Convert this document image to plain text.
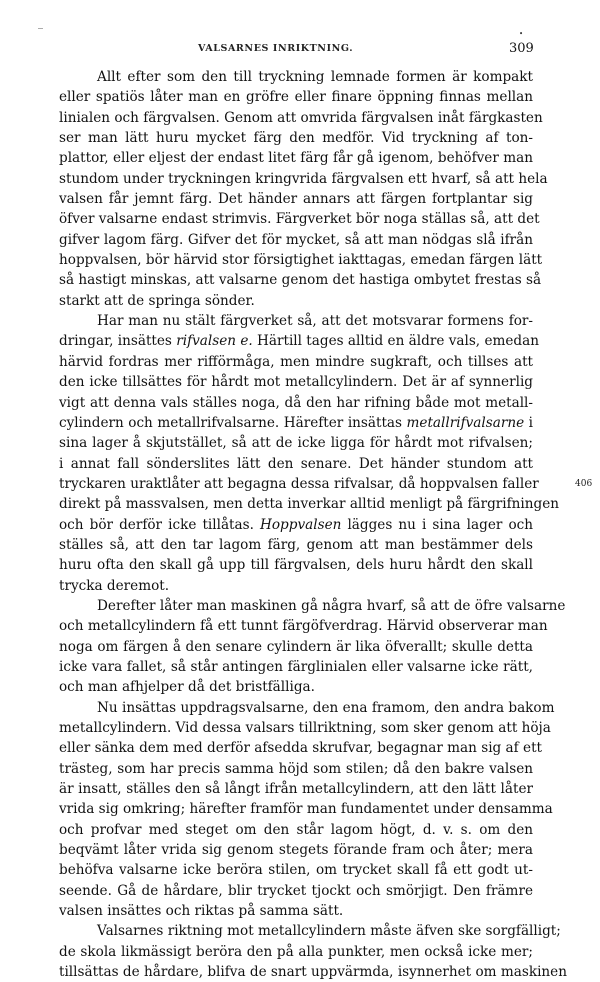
‾	•
VALSARNES INRIKTNING.	309
Allt efter som den till tryckning lemnade formen är kompakt
eller spatiös låter man en gröfre eller finare öppning finnas mellan
linialen och färgvalsen. Genom att omvrida färgvalsen inåt färgkasten
ser man lätt huru mycket färg den medför. Vid tryckning af ton-
plattor, eller eljest der endast litet färg får gå igenom, behöfver man
stundom under tryckningen kringvrida färgvalsen ett hvarf, så att hela
valsen får jemnt färg. Det händer annars att färgen fortplantar sig
öfver valsarne endast strimvis. Färgverket bör noga ställas så, att det
gifver lagom färg. Gifver det för mycket, så att man nödgas slå ifrån
hoppvalsen, bör härvid stor försigtighet iakttagas, emedan färgen lätt
så hastigt minskas, att valsarne genom det hastiga ombytet frestas så
starkt att de springa sönder.
Har man nu stält färgverket så, att det motsvarar formens for-
dringar, insättes rifvalsen e. Härtill tages alltid en äldre vals, emedan
härvid fordras mer rifförmåga, men mindre sugkraft, och tillses att
den icke tillsättes för hårdt mot metallcylindern. Det är af synnerlig
vigt att denna vals ställes noga, då den har rifning både mot metall-
cylindern och metallrifvalsarne. Härefter insättas metallrifvalsarne i
sina lager å skjutstället, så att de icke ligga för hårdt mot rifvalsen;
i annat fall sönderslites lätt den senare. Det händer stundom att
tryckaren uraktlåter att begagna dessa rifvalsar, då hoppvalsen faller
direkt på massvalsen, men detta inverkar alltid menligt på färgrifningen
och bör derför icke tillåtas. Hoppvalsen lägges nu i sina lager och
ställes så, att den tar lagom färg, genom att man bestämmer dels
huru ofta den skall gå upp till färgvalsen, dels huru hårdt den skall
trycka deremot.
Derefter låter man maskinen gå några hvarf, så att de öfre valsarne
och metallcylindern få ett tunnt färgöfverdrag. Härvid observerar man
noga om färgen å den senare cylindern är lika öfverallt; skulle detta
icke vara fallet, så står antingen färglinialen eller valsarne icke rätt,
och man afhjelper då det bristfälliga.
Nu insättas uppdragsvalsarne, den ena framom, den andra bakom
metallcylindern. Vid dessa valsars tillriktning, som sker genom att höja
eller sänka dem med derför afsedda skrufvar, begagnar man sig af ett
trästeg, som har precis samma höjd som stilen; då den bakre valsen
är insatt, ställes den så långt ifrån metallcylindern, att den lätt låter
vrida sig omkring; härefter framför man fundamentet under densamma
och profvar med steget om den står lagom högt, d. v. s. om den
beqvämt låter vrida sig genom stegets förande fram och åter; mera
behöfva valsarne icke beröra stilen, om trycket skall få ett godt ut-
seende. Gå de hårdare, blir trycket tjockt och smörjigt. Den främre
valsen insättes och riktas på samma sätt.
Valsarnes riktning mot metallcylindern måste äfven ske sorgfälligt;
de skola likmässigt beröra den på alla punkter, men också icke mer;
tillsättas de hårdare, blifva de snart uppvärmda, isynnerhet om maskinen
406
